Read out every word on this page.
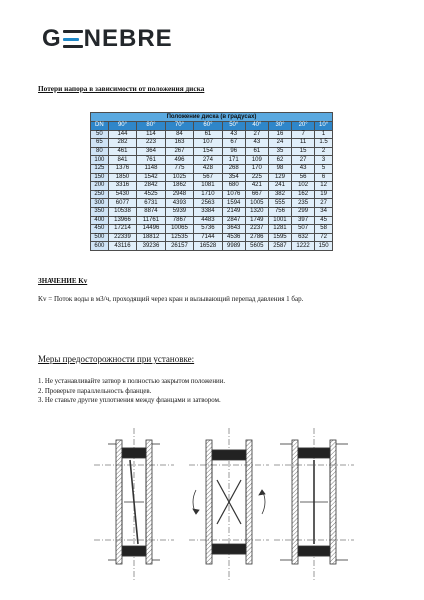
G NEBRE
Потери напора в зависимости от положения диска
Положение диска (в градусах)									
DN	90°	80°	70°	60°	50°	40°	30°	20°	10°
50	144	114	84	61	43	27	16	7	1
65	282	223	163	107	67	43	24	11	1.5
80	461	364	267	154	96	61	35	15	2
100	841	761	496	274	171	109	62	27	3
125	1376	1148	775	428	268	170	98	43	5
150	1850	1542	1025	567	354	225	129	56	6
200	3316	2842	1862	1081	680	421	241	102	12
250	5430	4525	2948	1710	1076	667	382	162	19
300	6077	6731	4393	2563	1594	1005	555	235	27
350	10538	8874	5939	3384	2149	1320	756	299	34
400	13966	11761	7867	4483	2847	1749	1001	397	45
450	17214	14496	10065	5736	3643	2237	1281	507	58
500	22339	18812	12535	7144	4536	2786	1595	632	72
600	43116	39236	26157	16528	9989	5605	2587	1222	150
ЗНАЧЕНИЕ Kv
Kv = Поток воды в м3/ч, проходящий через кран и вызывающий перепад давления 1 бар.
Меры предосторожности при установке:
1. Не устанавливайте затвор в полностью закрытом положении.
2. Проверьте параллельность фланцев.
3. Не ставьте другие уплотнения между фланцами и затвором.
